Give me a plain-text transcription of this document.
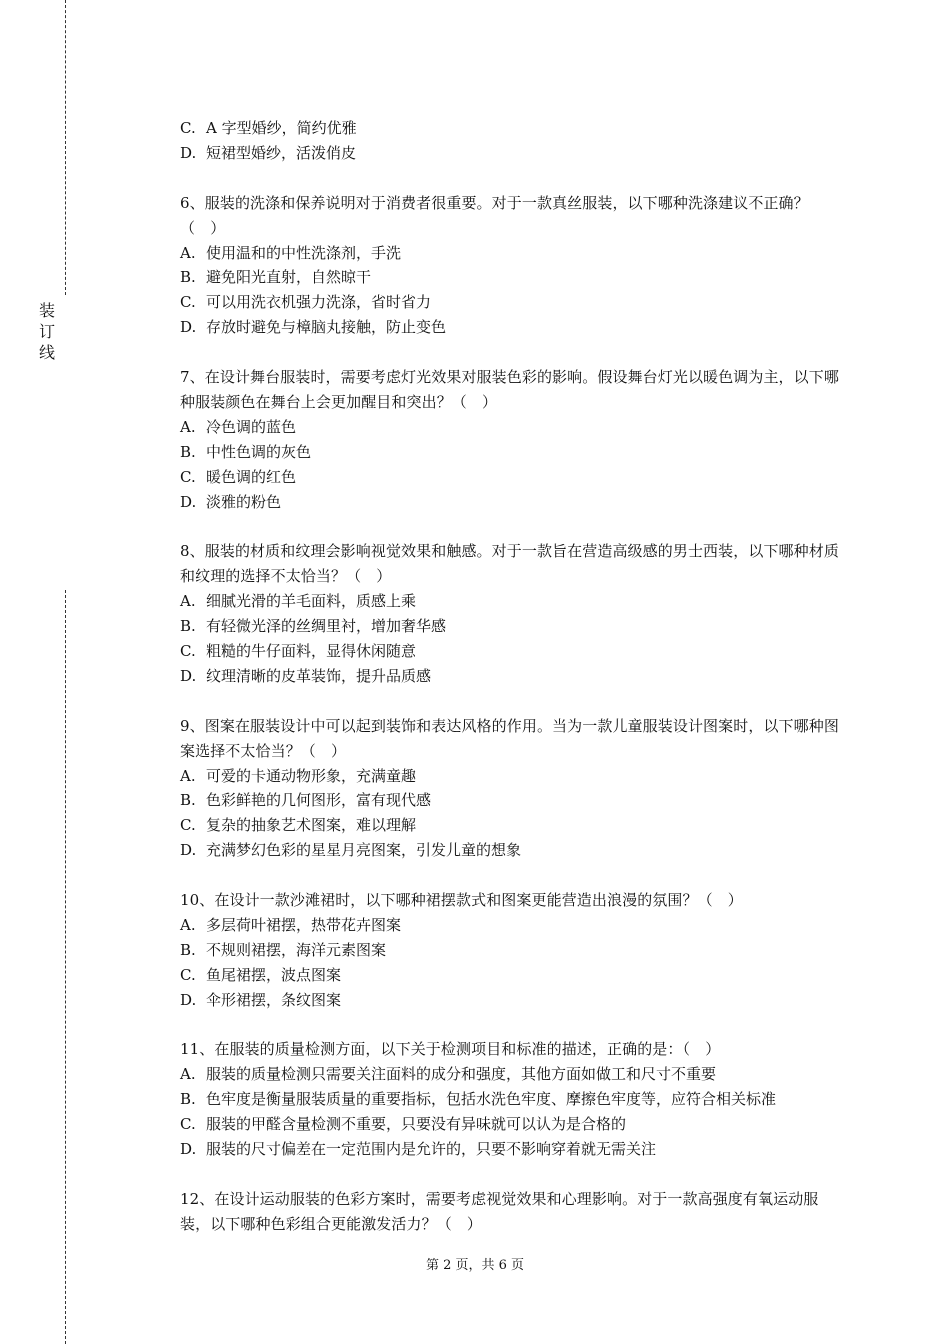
装订线

C. A 字型婚纱，简约优雅

D. 短裙型婚纱，活泼俏皮

6、服装的洗涤和保养说明对于消费者很重要。对于一款真丝服装，以下哪种洗涤建议不正确？（　）

A. 使用温和的中性洗涤剂，手洗

B. 避免阳光直射，自然晾干

C. 可以用洗衣机强力洗涤，省时省力

D. 存放时避免与樟脑丸接触，防止变色

7、在设计舞台服装时，需要考虑灯光效果对服装色彩的影响。假设舞台灯光以暖色调为主，以下哪种服装颜色在舞台上会更加醒目和突出？（　）

A. 冷色调的蓝色

B. 中性色调的灰色

C. 暖色调的红色

D. 淡雅的粉色

8、服装的材质和纹理会影响视觉效果和触感。对于一款旨在营造高级感的男士西装，以下哪种材质和纹理的选择不太恰当？（　）

A. 细腻光滑的羊毛面料，质感上乘

B. 有轻微光泽的丝绸里衬，增加奢华感

C. 粗糙的牛仔面料，显得休闲随意

D. 纹理清晰的皮革装饰，提升品质感

9、图案在服装设计中可以起到装饰和表达风格的作用。当为一款儿童服装设计图案时，以下哪种图案选择不太恰当？（　）

A. 可爱的卡通动物形象，充满童趣

B. 色彩鲜艳的几何图形，富有现代感

C. 复杂的抽象艺术图案，难以理解

D. 充满梦幻色彩的星星月亮图案，引发儿童的想象

10、在设计一款沙滩裙时，以下哪种裙摆款式和图案更能营造出浪漫的氛围？（　）

A. 多层荷叶裙摆，热带花卉图案

B. 不规则裙摆，海洋元素图案

C. 鱼尾裙摆，波点图案

D. 伞形裙摆，条纹图案

11、在服装的质量检测方面，以下关于检测项目和标准的描述，正确的是：（　）

A. 服装的质量检测只需要关注面料的成分和强度，其他方面如做工和尺寸不重要

B. 色牢度是衡量服装质量的重要指标，包括水洗色牢度、摩擦色牢度等，应符合相关标准

C. 服装的甲醛含量检测不重要，只要没有异味就可以认为是合格的

D. 服装的尺寸偏差在一定范围内是允许的，只要不影响穿着就无需关注

12、在设计运动服装的色彩方案时，需要考虑视觉效果和心理影响。对于一款高强度有氧运动服装，以下哪种色彩组合更能激发活力？（　）

第 2 页，共 6 页
